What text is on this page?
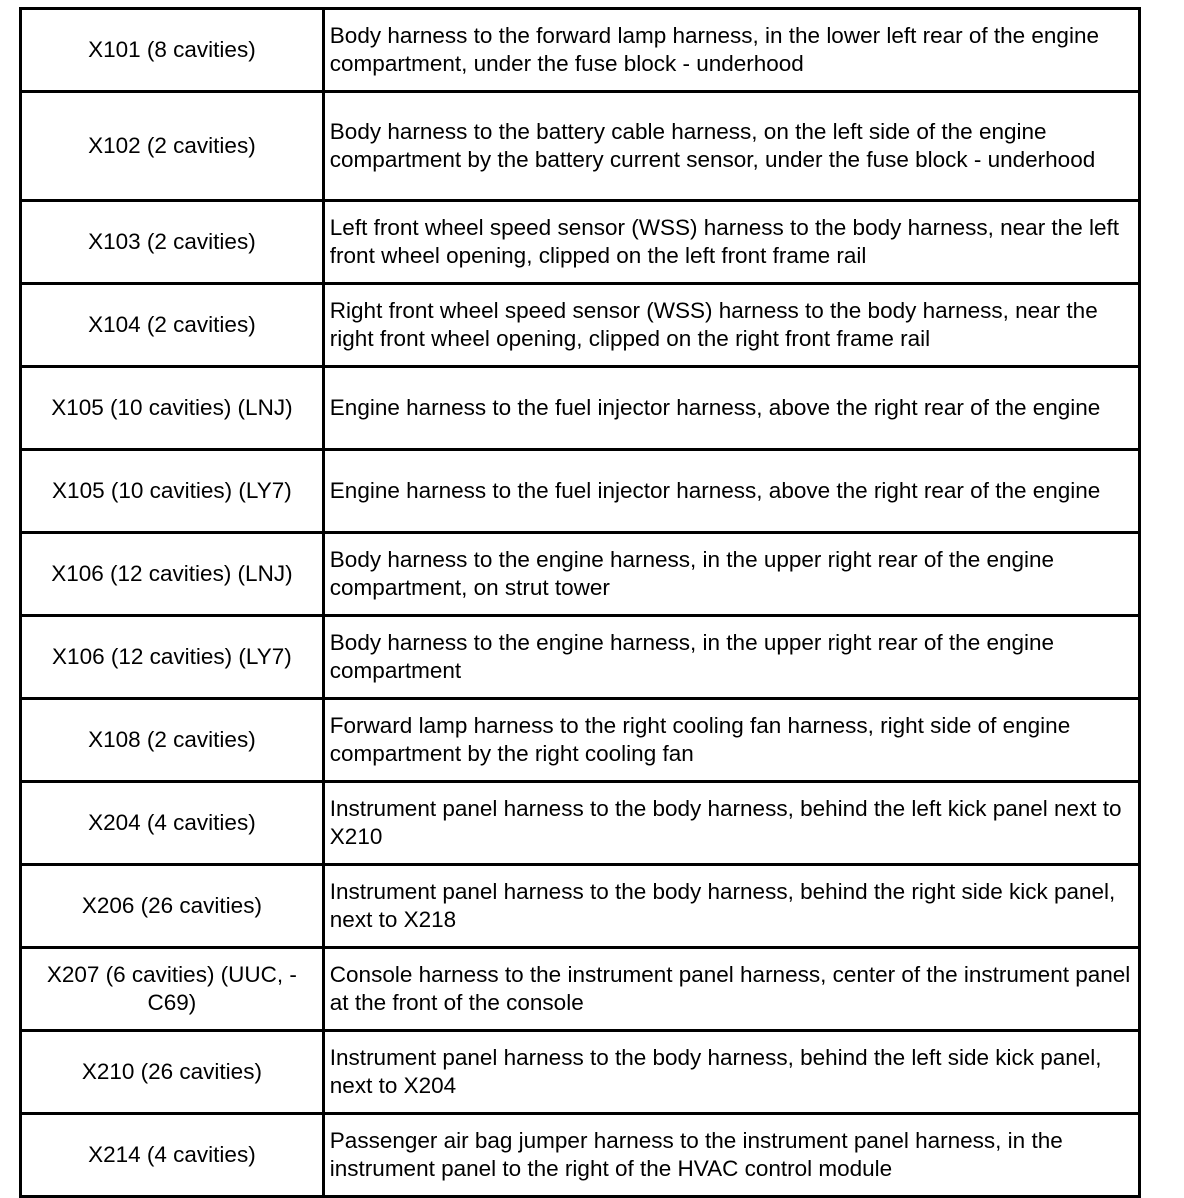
X101 (8 cavities)	Body harness to the forward lamp harness, in the lower left rear of the engine compartment, under the fuse block - underhood
X102 (2 cavities)	Body harness to the battery cable harness, on the left side of the engine compartment by the battery current sensor, under the fuse block - underhood
X103 (2 cavities)	Left front wheel speed sensor (WSS) harness to the body harness, near the left front wheel opening, clipped on the left front frame rail
X104 (2 cavities)	Right front wheel speed sensor (WSS) harness to the body harness, near the right front wheel opening, clipped on the right front frame rail
X105 (10 cavities) (LNJ)	Engine harness to the fuel injector harness, above the right rear of the engine
X105 (10 cavities) (LY7)	Engine harness to the fuel injector harness, above the right rear of the engine
X106 (12 cavities) (LNJ)	Body harness to the engine harness, in the upper right rear of the engine compartment, on strut tower
X106 (12 cavities) (LY7)	Body harness to the engine harness, in the upper right rear of the engine compartment
X108 (2 cavities)	Forward lamp harness to the right cooling fan harness, right side of engine compartment by the right cooling fan
X204 (4 cavities)	Instrument panel harness to the body harness, behind the left kick panel next to X210
X206 (26 cavities)	Instrument panel harness to the body harness, behind the right side kick panel, next to X218
X207 (6 cavities) (UUC, -C69)	Console harness to the instrument panel harness, center of the instrument panel at the front of the console
X210 (26 cavities)	Instrument panel harness to the body harness, behind the left side kick panel, next to X204
X214 (4 cavities)	Passenger air bag jumper harness to the instrument panel harness, in the instrument panel to the right of the HVAC control module
